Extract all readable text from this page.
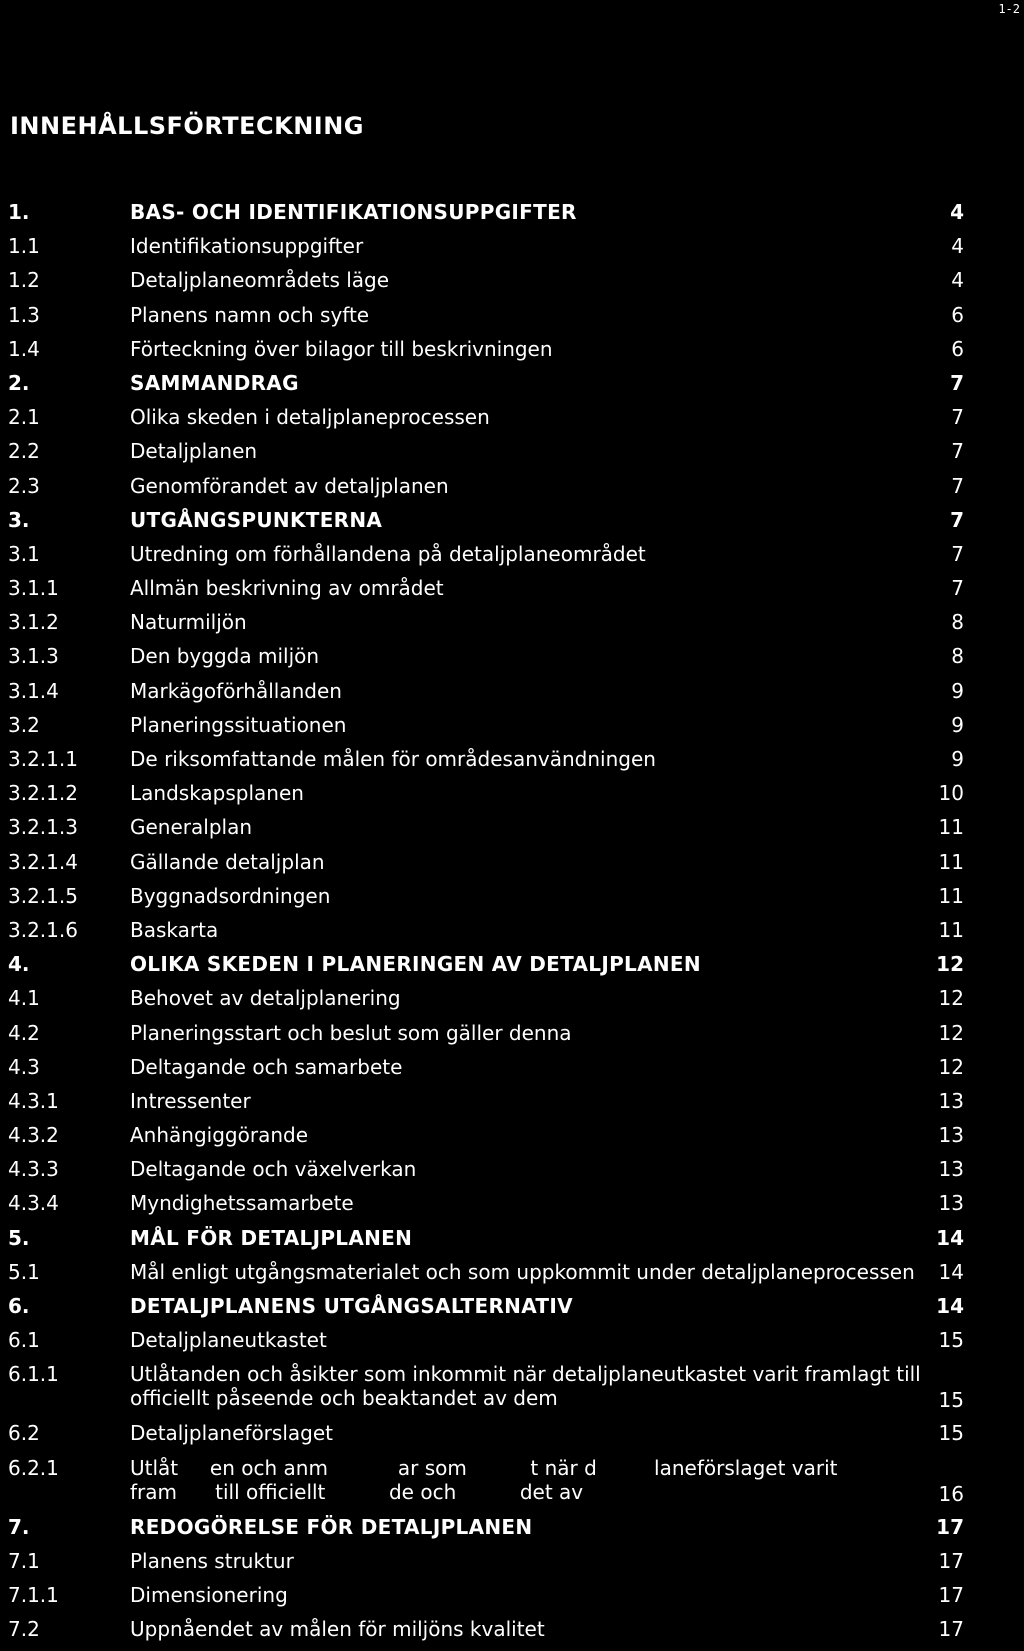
1-2
INNEHÅLLSFÖRTECKNING
1.	BAS- OCH IDENTIFIKATIONSUPPGIFTER	4
1.1	Identifikationsuppgifter	4
1.2	Detaljplaneområdets läge	4
1.3	Planens namn och syfte	6
1.4	Förteckning över bilagor till beskrivningen	6
2.	SAMMANDRAG	7
2.1	Olika skeden i detaljplaneprocessen	7
2.2	Detaljplanen	7
2.3	Genomförandet av detaljplanen	7
3.	UTGÅNGSPUNKTERNA	7
3.1	Utredning om förhållandena på detaljplaneområdet	7
3.1.1	Allmän beskrivning av området	7
3.1.2	Naturmiljön	8
3.1.3	Den byggda miljön	8
3.1.4	Markägoförhållanden	9
3.2	Planeringssituationen	9
3.2.1.1	De riksomfattande målen för områdesanvändningen	9
3.2.1.2	Landskapsplanen	10
3.2.1.3	Generalplan	11
3.2.1.4	Gällande detaljplan	11
3.2.1.5	Byggnadsordningen	11
3.2.1.6	Baskarta	11
4.	OLIKA SKEDEN I PLANERINGEN AV DETALJPLANEN	12
4.1	Behovet av detaljplanering	12
4.2	Planeringsstart och beslut som gäller denna	12
4.3	Deltagande och samarbete	12
4.3.1	Intressenter	13
4.3.2	Anhängiggörande	13
4.3.3	Deltagande och växelverkan	13
4.3.4	Myndighetssamarbete	13
5.	MÅL FÖR DETALJPLANEN	14
5.1	Mål enligt utgångsmaterialet och som uppkommit under detaljplaneprocessen	14
6.	DETALJPLANENS UTGÅNGSALTERNATIV	14
6.1	Detaljplaneutkastet	15
6.1.1	Utlåtanden och åsikter som inkommit när detaljplaneutkastet varit framlagt till officiellt påseende och beaktandet av dem	15
6.2	Detaljplaneförslaget	15
6.2.1	Utlåt     en och anm           ar som          t när d         laneförslaget varit
fram      till officiellt          de och          det av	16
7.	REDOGÖRELSE FÖR DETALJPLANEN	17
7.1	Planens struktur	17
7.1.1	Dimensionering	17
7.2	Uppnåendet av målen för miljöns kvalitet	17
